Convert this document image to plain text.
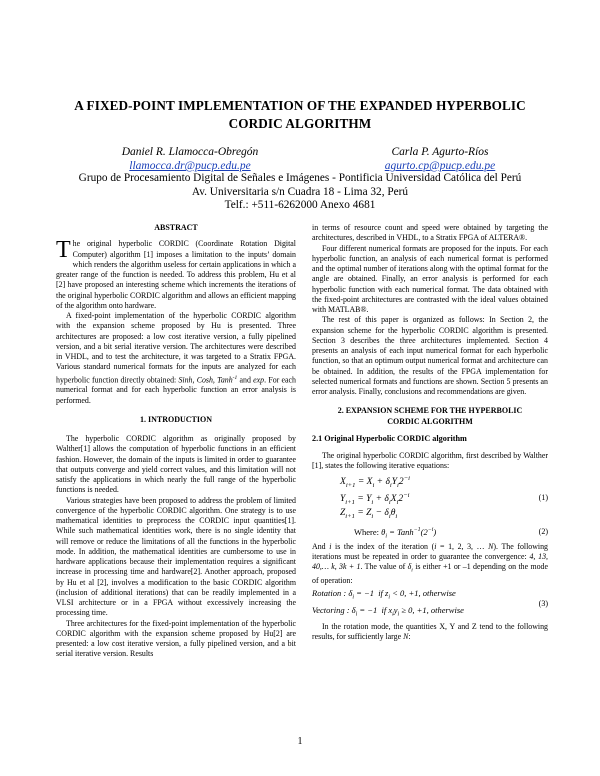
A FIXED-POINT IMPLEMENTATION OF THE EXPANDED HYPERBOLIC
CORDIC ALGORITHM
Daniel R. Llamocca-Obregón
llamocca.dr@pucp.edu.pe
Carla P. Agurto-Ríos
agurto.cp@pucp.edu.pe
Grupo de Procesamiento Digital de Señales e Imágenes - Pontificia Universidad Católica del Perú
Av. Universitaria s/n Cuadra 18 - Lima 32, Perú
Telf.: +511-6262000 Anexo 4681

ABSTRACT

The original hyperbolic CORDIC (Coordinate Rotation Digital Computer) algorithm [1] imposes a limitation to the inputs’ domain which renders the algorithm useless for certain applications in which a greater range of the function is needed. To address this problem, Hu et al [2] have proposed an interesting scheme which increments the iterations of the original hyperbolic CORDIC algorithm and allows an efficient mapping of the algorithm onto hardware.

A fixed-point implementation of the hyperbolic CORDIC algorithm with the expansion scheme proposed by Hu is presented. Three architectures are proposed: a low cost iterative version, a fully pipelined version, and a bit serial iterative version. The architectures were described in VHDL, and to test the architecture, it was targeted to a Stratix FPGA. Various standard numerical formats for the inputs are analyzed for each hyperbolic function directly obtained: Sinh, Cosh, Tanh$^{-1}$ and exp. For each numerical format and for each hyperbolic function an error analysis is performed.

1. INTRODUCTION

The hyperbolic CORDIC algorithm as originally proposed by Walther[1] allows the computation of hyperbolic functions in an efficient fashion. However, the domain of the inputs is limited in order to guarantee that outputs converge and yield correct values, and this limitation will not satisfy the applications in which nearly the full range of the hyperbolic functions is needed.

Various strategies have been proposed to address the problem of limited convergence of the hyperbolic CORDIC algorithm. One strategy is to use mathematical identities to preprocess the CORDIC input quantities[1]. While such mathematical identities work, there is no single identity that will remove or reduce the limitations of all the functions in the hyperbolic mode. In addition, the mathematical identities are cumbersome to use in hardware applications because their implementation requires a significant increase in processing time and hardware[2]. Another approach, proposed by Hu et al [2], involves a modification to the basic CORDIC algorithm (inclusion of additional iterations) that can be readily implemented in a VLSI architecture or in a FPGA without excessively increasing the processing time.

Three architectures for the fixed-point implementation of the hyperbolic CORDIC algorithm with the expansion scheme proposed by Hu[2] are presented: a low cost iterative version, a fully pipelined version, and a bit serial iterative version. Results

in terms of resource count and speed were obtained by targeting the architectures, described in VHDL, to a Stratix FPGA of ALTERA®.

Four different numerical formats are proposed for the inputs. For each hyperbolic function, an analysis of each numerical format is performed and the optimal number of iterations along with the optimal format for the angle are obtained. Finally, an error analysis is performed for each hyperbolic function with each numerical format. The data obtained with the fixed-point architectures are contrasted with the ideal values obtained with MATLAB®.

The rest of this paper is organized as follows: In Section 2, the expansion scheme for the hyperbolic CORDIC algorithm is presented. Section 3 describes the three architectures implemented. Section 4 presents an analysis of each input numerical format for each hyperbolic function, so that an optimum output numerical format and architecture can be obtained. In addition, the results of the FPGA implementation for selected numerical formats and functions are shown. Section 5 presents an error analysis. Finally, conclusions and recommendations are given.

2. EXPANSION SCHEME FOR THE HYPERBOLIC
CORDIC ALGORITHM

2.1 Original Hyperbolic CORDIC algorithm

The original hyperbolic CORDIC algorithm, first described by Walther [1], states the following iterative equations:

$X_{i+1} = X_i + \delta_iY_i2^{-i}$
$Y_{i+1} = Y_i + \delta_iX_i2^{-i}$	(1)
$Z_{i+1} = Z_i - \delta_i\theta_i$
Where: $\theta_i$ = $Tanh^{-1}(2^{-i})$	(2)

And i is the index of the iteration (i = 1, 2, 3, … N). The following iterations must be repeated in order to guarantee the convergence: 4, 13, 40,… k, 3k + 1. The value of $\delta_i$ is either +1 or –1 depending on the mode of operation:

Rotation : $\delta_i = -1$  if $z_i < 0$, +1, otherwise
Vectoring : $\delta_i = -1$  if $x_iy_i \ge 0$, +1, otherwise
(3)

In the rotation mode, the quantities X, Y and Z tend to the following results, for sufficiently large N:

1
